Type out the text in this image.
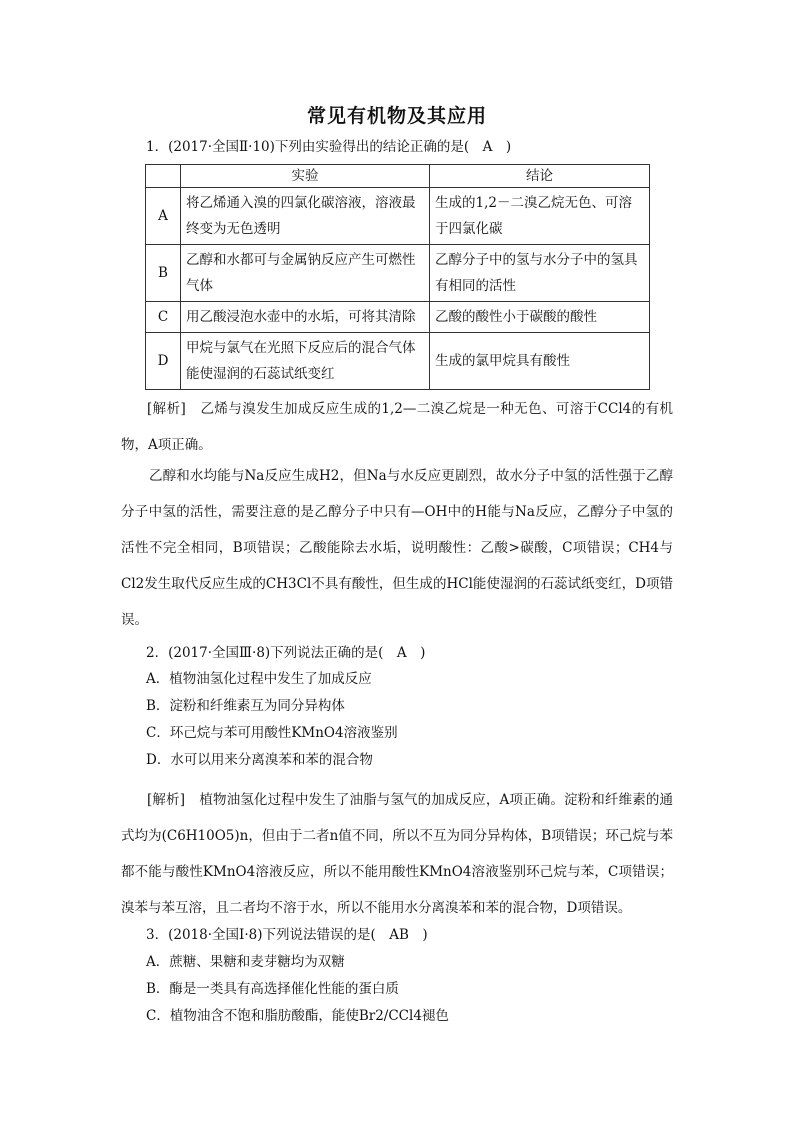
常见有机物及其应用
1．(2017·全国Ⅱ·10)下列由实验得出的结论正确的是(　A　)
	实验	结论
A	将乙烯通入溴的四氯化碳溶液，溶液最终变为无色透明	生成的1,2－二溴乙烷无色、可溶于四氯化碳
B	乙醇和水都可与金属钠反应产生可燃性气体	乙醇分子中的氢与水分子中的氢具有相同的活性
C	用乙酸浸泡水壶中的水垢，可将其清除	乙酸的酸性小于碳酸的酸性
D	甲烷与氯气在光照下反应后的混合气体能使湿润的石蕊试纸变红	生成的氯甲烷具有酸性
[解析] 乙烯与溴发生加成反应生成的1,2—二溴乙烷是一种无色、可溶于CCl4的有机物，A项正确。
乙醇和水均能与Na反应生成H2，但Na与水反应更剧烈，故水分子中氢的活性强于乙醇分子中氢的活性，需要注意的是乙醇分子中只有—OH中的H能与Na反应，乙醇分子中氢的活性不完全相同，B项错误；乙酸能除去水垢，说明酸性：乙酸>碳酸，C项错误；CH4与Cl2发生取代反应生成的CH3Cl不具有酸性，但生成的HCl能使湿润的石蕊试纸变红，D项错误。
2．(2017·全国Ⅲ·8)下列说法正确的是(　A　)
A．植物油氢化过程中发生了加成反应
B．淀粉和纤维素互为同分异构体
C．环己烷与苯可用酸性KMnO4溶液鉴别
D．水可以用来分离溴苯和苯的混合物
[解析] 植物油氢化过程中发生了油脂与氢气的加成反应，A项正确。淀粉和纤维素的通式均为(C6H10O5)n，但由于二者n值不同，所以不互为同分异构体，B项错误；环己烷与苯都不能与酸性KMnO4溶液反应，所以不能用酸性KMnO4溶液鉴别环己烷与苯，C项错误；溴苯与苯互溶，且二者均不溶于水，所以不能用水分离溴苯和苯的混合物，D项错误。
3．(2018·全国Ⅰ·8)下列说法错误的是(　AB　)
A．蔗糖、果糖和麦芽糖均为双糖
B．酶是一类具有高选择催化性能的蛋白质
C．植物油含不饱和脂肪酸酯，能使Br2/CCl4褪色
